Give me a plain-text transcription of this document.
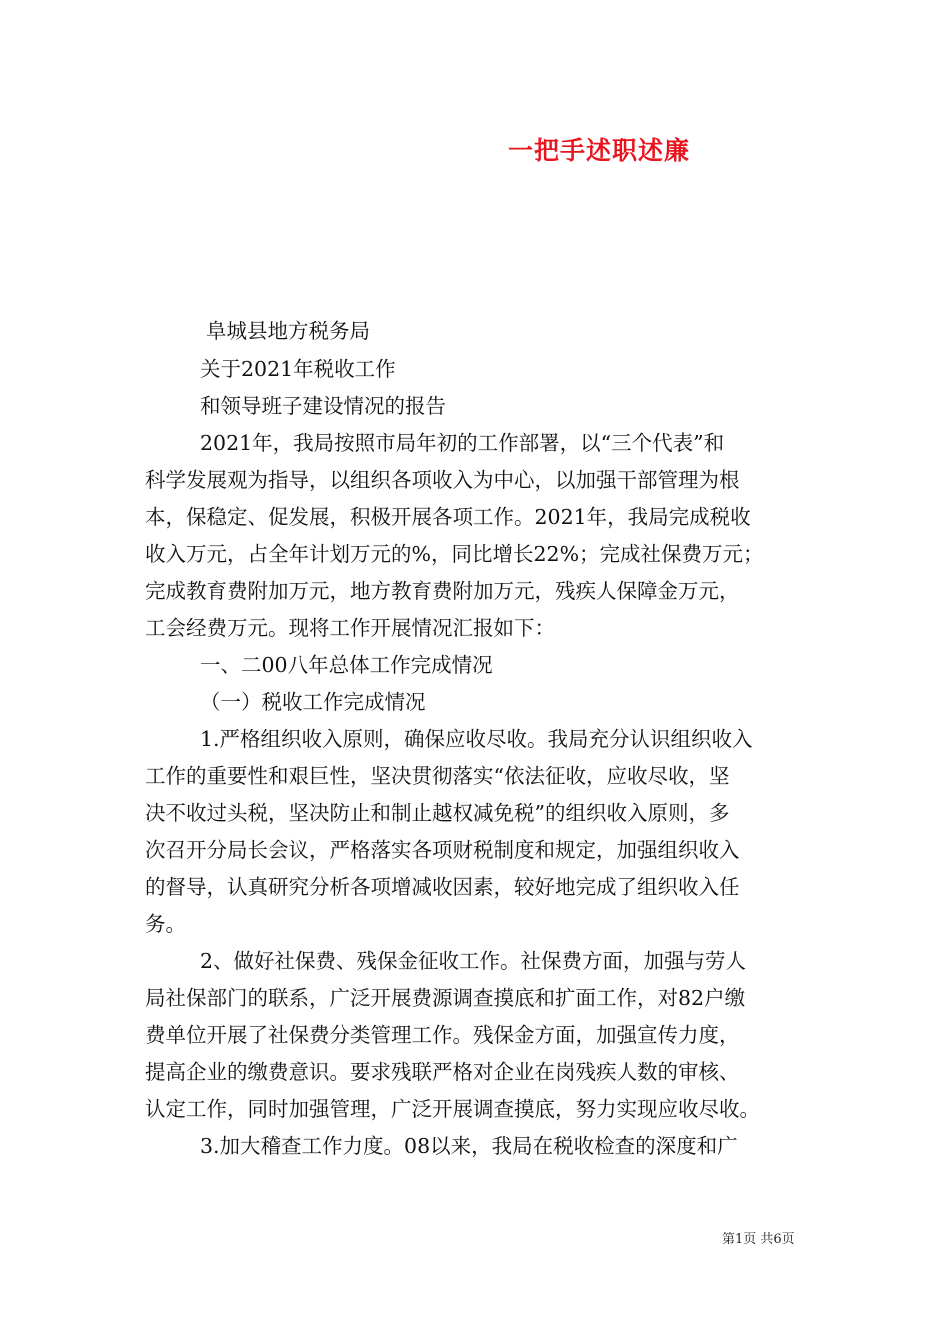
一把手述职述廉
阜城县地方税务局
关于2021年税收工作
和领导班子建设情况的报告
2021年，我局按照市局年初的工作部署，以“三个代表”和
科学发展观为指导，以组织各项收入为中心，以加强干部管理为根
本，保稳定、促发展，积极开展各项工作。2021年，我局完成税收
收入万元，占全年计划万元的%，同比增长22%；完成社保费万元；
完成教育费附加万元，地方教育费附加万元，残疾人保障金万元，
工会经费万元。现将工作开展情况汇报如下：
一、二00八年总体工作完成情况
（一）税收工作完成情况
1.严格组织收入原则，确保应收尽收。我局充分认识组织收入
工作的重要性和艰巨性，坚决贯彻落实“依法征收，应收尽收，坚
决不收过头税，坚决防止和制止越权减免税”的组织收入原则，多
次召开分局长会议，严格落实各项财税制度和规定，加强组织收入
的督导，认真研究分析各项增减收因素，较好地完成了组织收入任
务。
2、做好社保费、残保金征收工作。社保费方面，加强与劳人
局社保部门的联系，广泛开展费源调查摸底和扩面工作，对82户缴
费单位开展了社保费分类管理工作。残保金方面，加强宣传力度，
提高企业的缴费意识。要求残联严格对企业在岗残疾人数的审核、
认定工作，同时加强管理，广泛开展调查摸底，努力实现应收尽收。
3.加大稽查工作力度。08以来，我局在税收检查的深度和广
第1页 共6页
